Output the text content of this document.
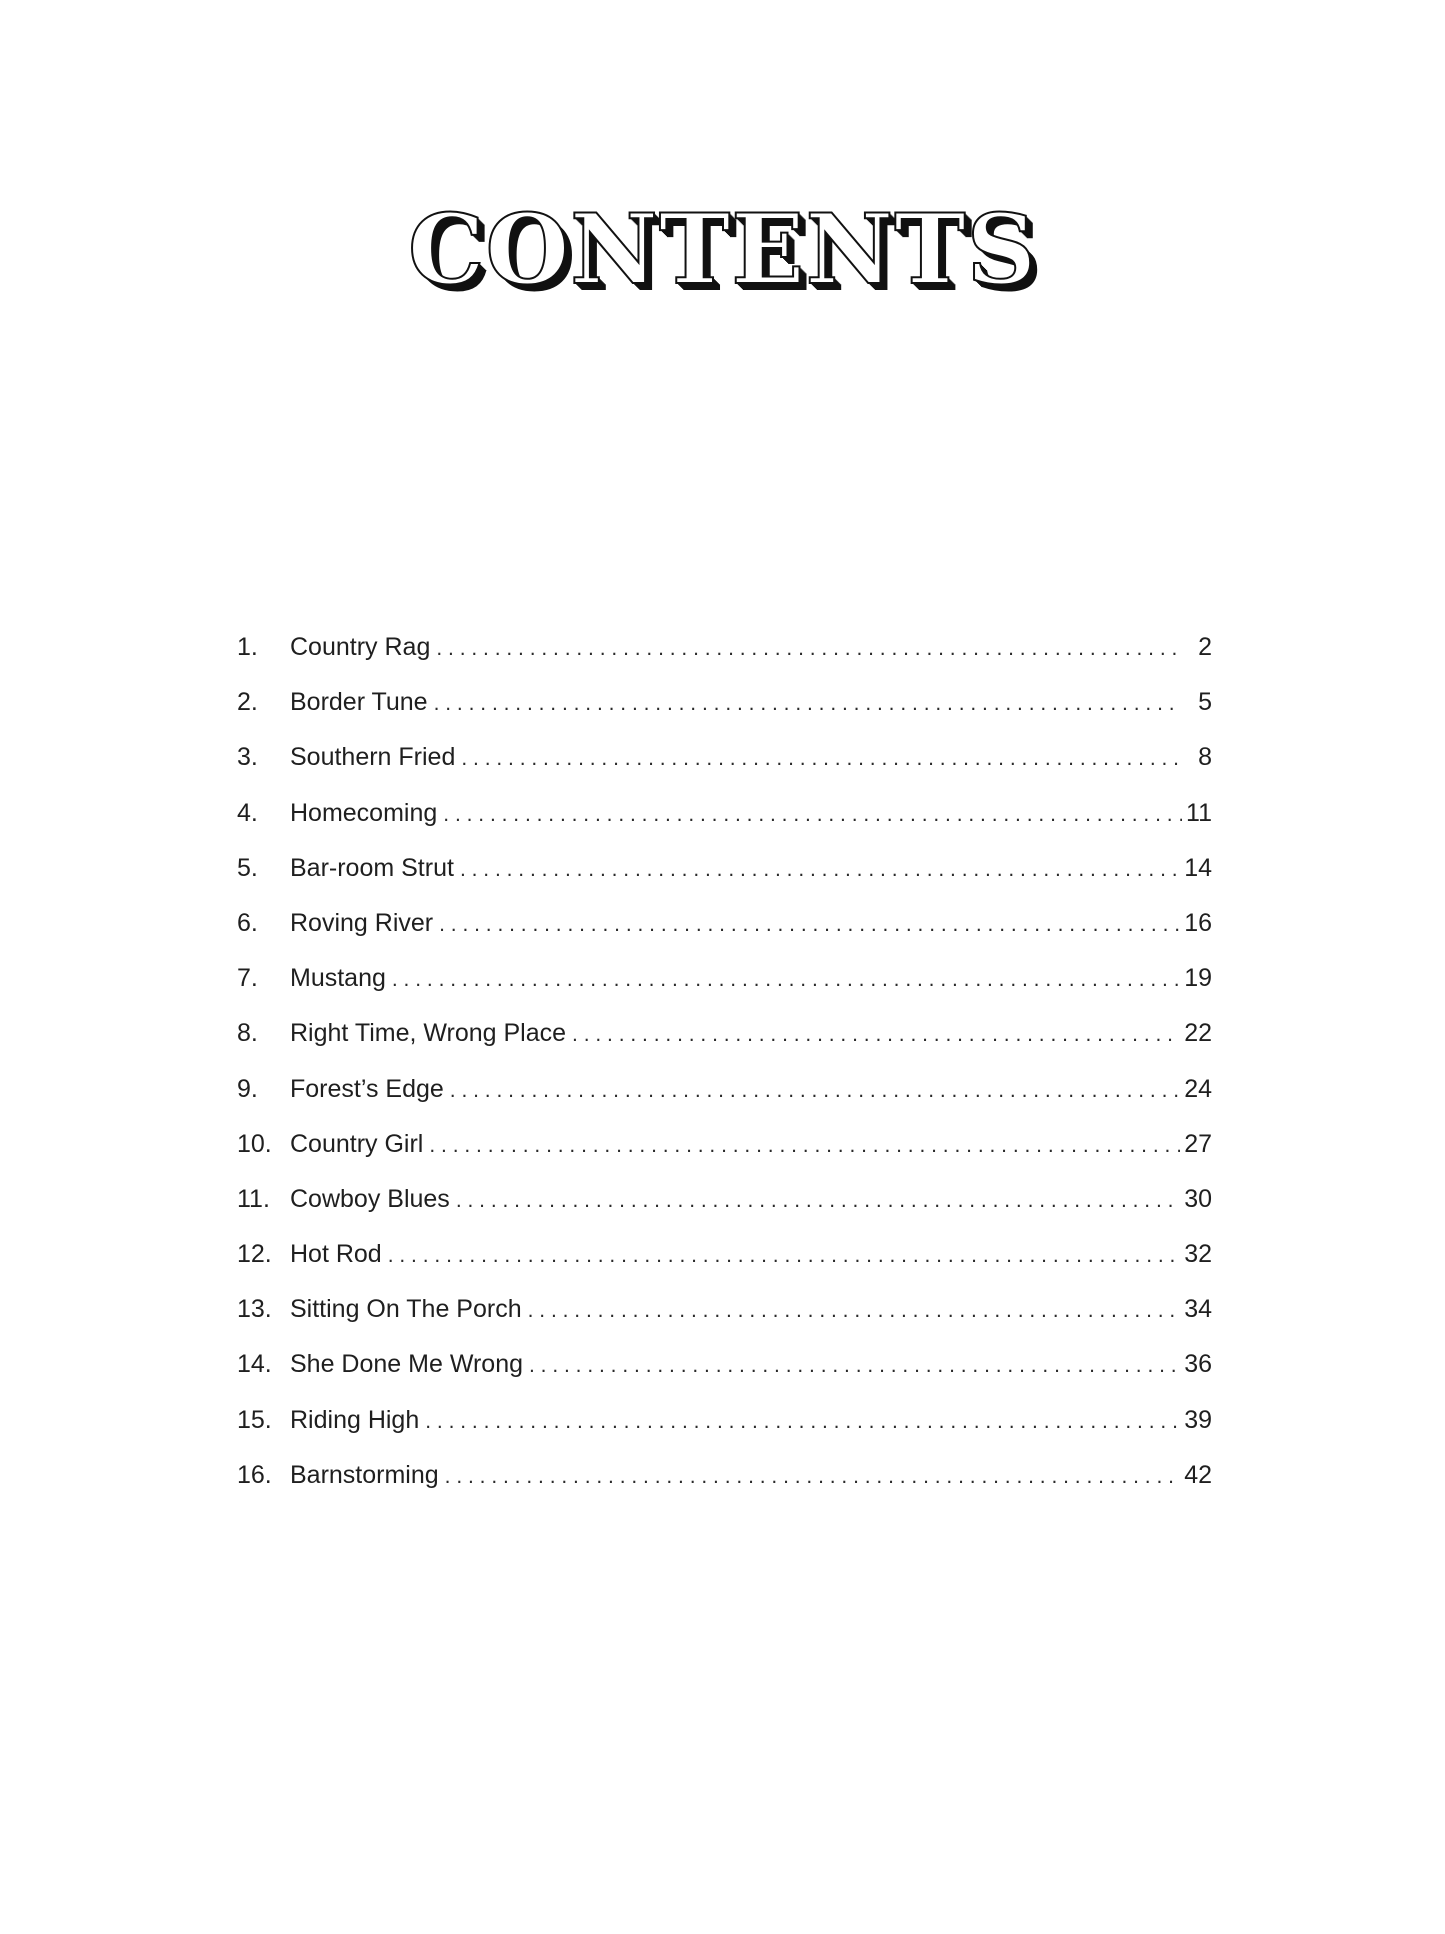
CONTENTS
1.	Country Rag . . .	2
2.	Border Tune . . .	5
3.	Southern Fried . . .	8
4.	Homecoming . . .	11
5.	Bar-room Strut . . .	14
6.	Roving River . . .	16
7.	Mustang . . .	19
8.	Right Time, Wrong Place . . .	22
9.	Forest’s Edge . . .	24
10. Country Girl . . .	27
11. Cowboy Blues . . .	30
12. Hot Rod . . .	32
13. Sitting On The Porch . . .	34
14. She Done Me Wrong . . .	36
15. Riding High . . .	39
16. Barnstorming . . .	42
